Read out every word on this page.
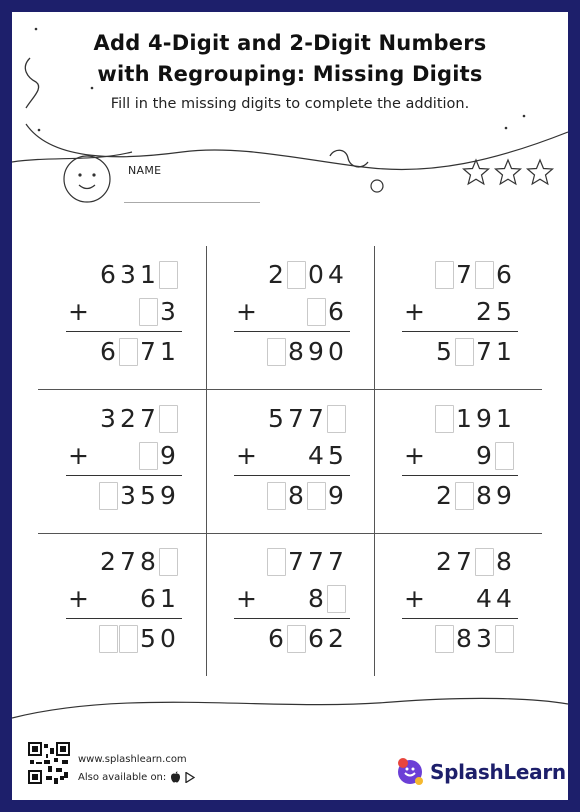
Add 4-Digit and 2-Digit Numbers
with Regrouping: Missing Digits
Fill in the missing digits to complete the addition.
NAME
6 3 1
+	3
6 7 1
2 0 4
+	6
8 9 0
7 6
+ 2 5
5 7 1
3 2 7
+	9
3 5 9
5 7 7
+ 4 5
8 9
1 9 1
+ 9
2 8 9
2 7 8
+ 6 1
5 0
7 7 7
+ 8
6 6 2
2 7 8
+ 4 4
8 3
www.splashlearn.com
Also available on:	SplashLearn
